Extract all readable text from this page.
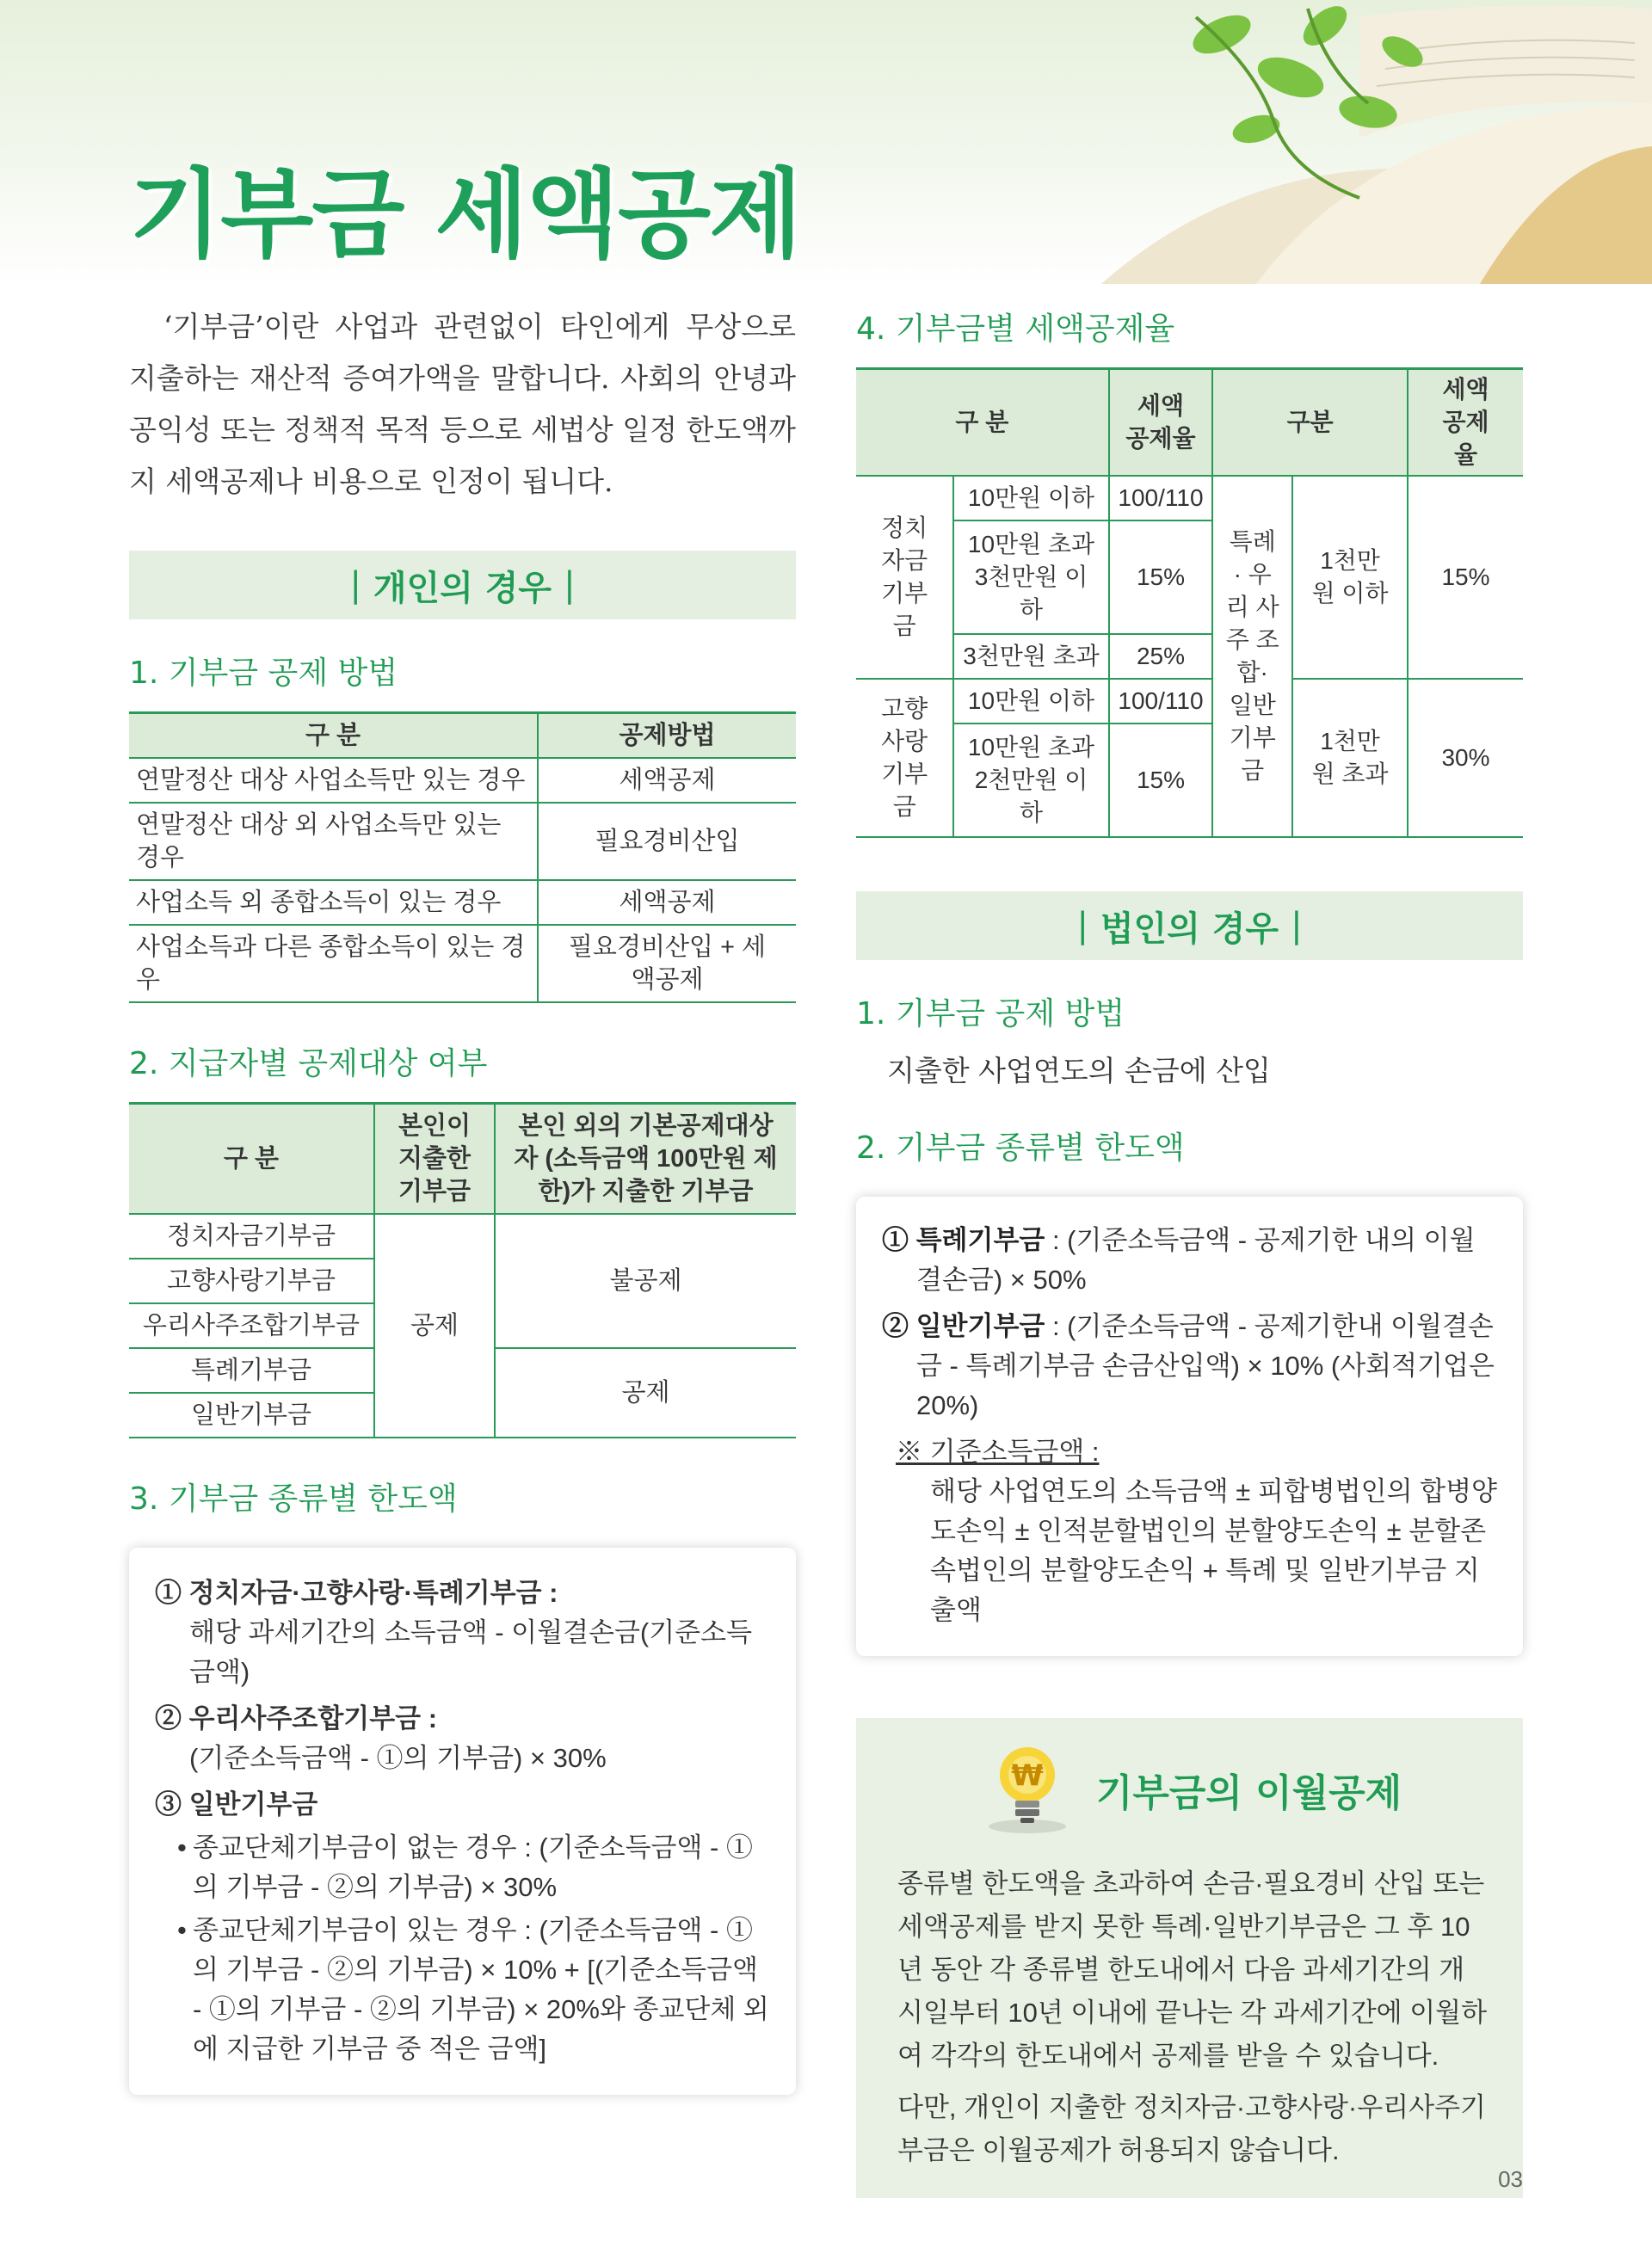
기부금 세액공제

‘기부금’이란 사업과 관련없이 타인에게 무상으로 지출하는 재산적 증여가액을 말합니다. 사회의 안녕과 공익성 또는 정책적 목적 등으로 세법상 일정 한도액까지 세액공제나 비용으로 인정이 됩니다.

| 개인의 경우 |
1. 기부금 공제 방법
구 분	공제방법
연말정산 대상 사업소득만 있는 경우	세액공제
연말정산 대상 외 사업소득만 있는 경우	필요경비산입
사업소득 외 종합소득이 있는 경우	세액공제
사업소득과 다른 종합소득이 있는 경우	필요경비산입 + 세액공제
2. 지급자별 공제대상 여부
구 분	본인이 지출한 기부금	본인 외의 기본공제대상자 (소득금액 100만원 제한)가 지출한 기부금
정치자금기부금	공제	불공제
고향사랑기부금		
우리사주조합기부금		
특례기부금		공제
일반기부금		
3. 기부금 종류별 한도액
① 정치자금·고향사랑·특례기부금 :
해당 과세기간의 소득금액 - 이월결손금(기준소득금액)
② 우리사주조합기부금 :
(기준소득금액 - ①의 기부금) × 30%
③ 일반기부금
• 종교단체기부금이 없는 경우 : (기준소득금액 - ①의 기부금 - ②의 기부금) × 30%
• 종교단체기부금이 있는 경우 : (기준소득금액 - ①의 기부금 - ②의 기부금) × 10% + [(기준소득금액 - ①의 기부금 - ②의 기부금) × 20%와 종교단체 외에 지급한 기부금 중 적은 금액]
4. 기부금별 세액공제율
구 분		세액 공제율	구분		세액 공제율
정치 자금 기부금	10만원 이하	100/110	특례· 우리 사주 조합· 일반 기부 금	1천만원 이하	15%
	10만원 초과 3천만원 이하	15%			
	3천만원 초과	25%			
고향 사랑 기부금	10만원 이하	100/110		1천만원 초과	30%
	10만원 초과 2천만원 이하	15%			
| 법인의 경우 |
1. 기부금 공제 방법
지출한 사업연도의 손금에 산입
2. 기부금 종류별 한도액
① 특례기부금 : (기준소득금액 - 공제기한 내의 이월결손금) × 50%
② 일반기부금 : (기준소득금액 - 공제기한내 이월결손금 - 특례기부금 손금산입액) × 10% (사회적기업은 20%)
※ 기준소득금액 :
해당 사업연도의 소득금액 ± 피합병법인의 합병양도손익 ± 인적분할법인의 분할양도손익 ± 분할존속법인의 분할양도손익 + 특례 및 일반기부금 지출액
₩ 기부금의 이월공제

종류별 한도액을 초과하여 손금·필요경비 산입 또는 세액공제를 받지 못한 특례·일반기부금은 그 후 10년 동안 각 종류별 한도내에서 다음 과세기간의 개시일부터 10년 이내에 끝나는 각 과세기간에 이월하여 각각의 한도내에서 공제를 받을 수 있습니다.

다만, 개인이 지출한 정치자금·고향사랑·우리사주기부금은 이월공제가 허용되지 않습니다.

03
